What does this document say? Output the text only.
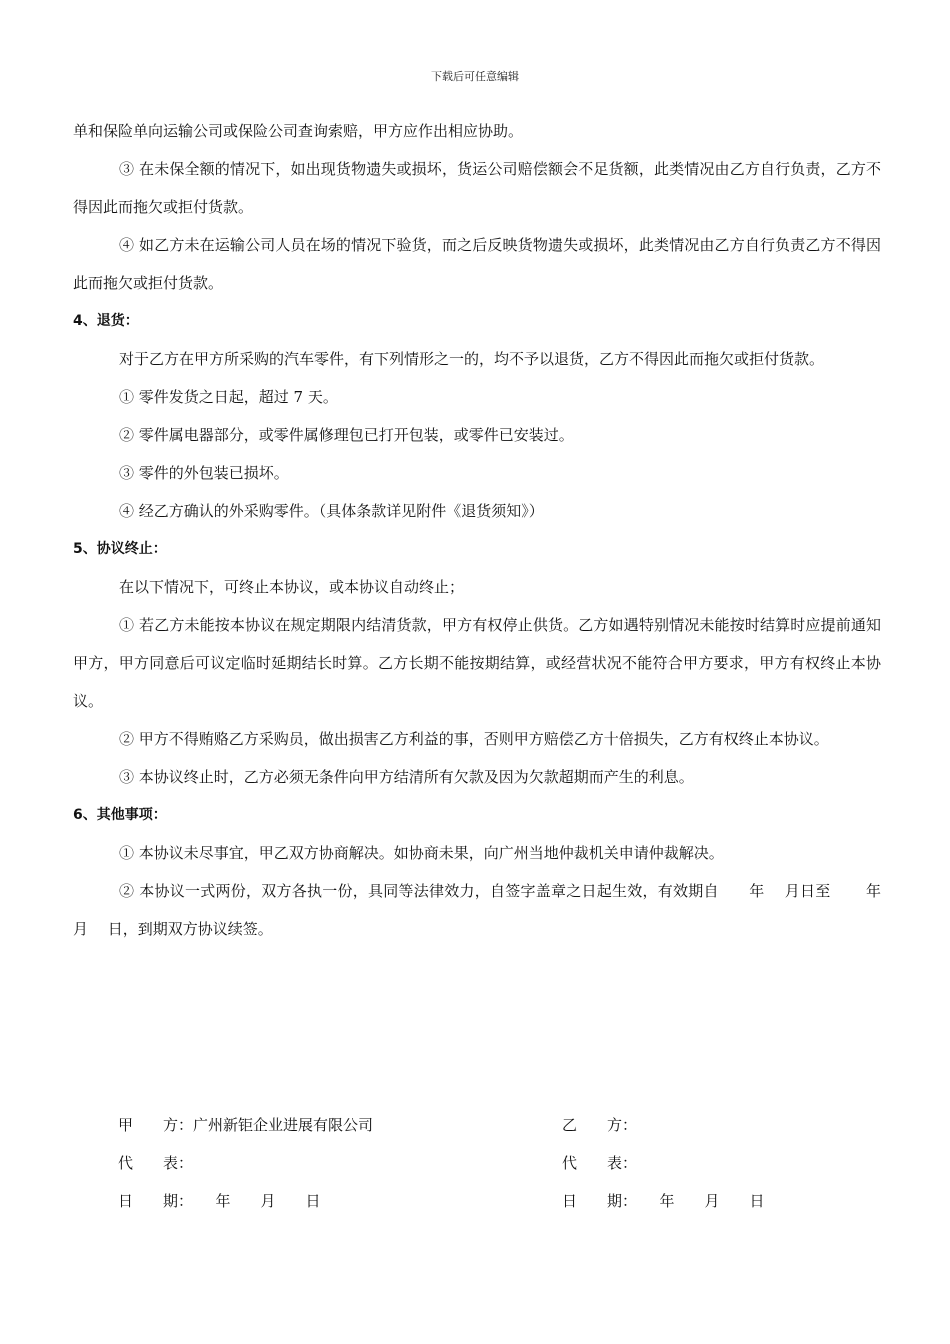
下载后可任意编辑

单和保险单向运输公司或保险公司查询索赔，甲方应作出相应协助。

③ 在未保全额的情况下，如出现货物遗失或损坏，货运公司赔偿额会不足货额，此类情况由乙方自行负责，乙方不得因此而拖欠或拒付货款。

④ 如乙方未在运输公司人员在场的情况下验货，而之后反映货物遗失或损坏，此类情况由乙方自行负责乙方不得因此而拖欠或拒付货款。

4、退货：

对于乙方在甲方所采购的汽车零件，有下列情形之一的，均不予以退货，乙方不得因此而拖欠或拒付货款。

① 零件发货之日起，超过 7 天。

② 零件属电器部分，或零件属修理包已打开包装，或零件已安装过。

③ 零件的外包装已损坏。

④ 经乙方确认的外采购零件。（具体条款详见附件《退货须知》）

5、协议终止：

在以下情况下，可终止本协议，或本协议自动终止；

① 若乙方未能按本协议在规定期限内结清货款，甲方有权停止供货。乙方如遇特别情况未能按时结算时应提前通知甲方，甲方同意后可议定临时延期结长时算。乙方长期不能按期结算，或经营状况不能符合甲方要求，甲方有权终止本协议。

② 甲方不得贿赂乙方采购员，做出损害乙方利益的事，否则甲方赔偿乙方十倍损失，乙方有权终止本协议。

③ 本协议终止时，乙方必须无条件向甲方结清所有欠款及因为欠款超期而产生的利息。

6、其他事项：

① 本协议未尽事宜，甲乙双方协商解决。如协商未果，向广州当地仲裁机关申请仲裁解决。

② 本协议一式两份，双方各执一份，具同等法律效力，自签字盖章之日起生效，有效期自　　年　 月日至　　 年　 月　 日，到期双方协议续签。

甲　　方：广州新钜企业进展有限公司	乙　　方：
代　　表：	代　　表：
日　　期：　　年　　月　　日	日　　期：　　年　　月　　日
